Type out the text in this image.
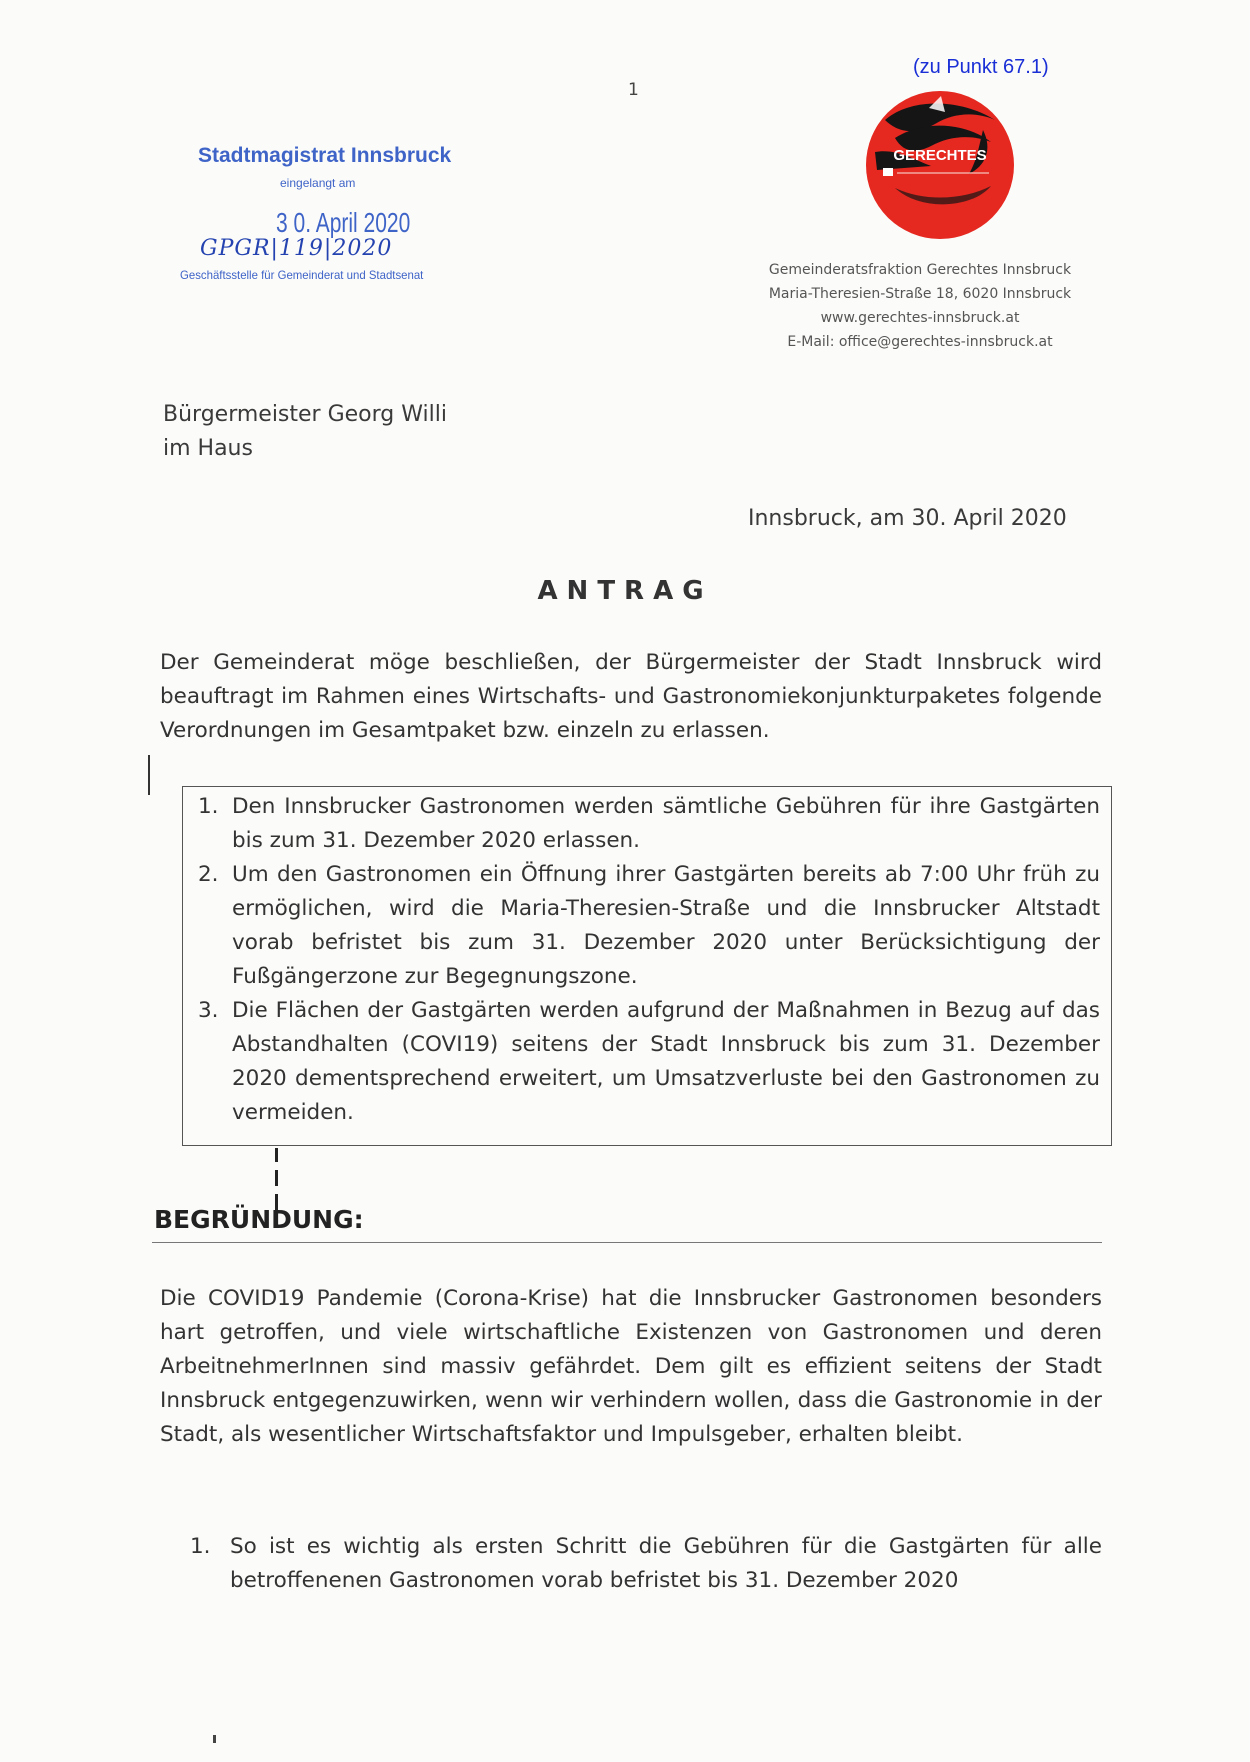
(zu Punkt 67.1)
1
Stadtmagistrat Innsbruck
eingelangt am
3 0. April 2020
GPGR|119|2020
Geschäftsstelle für Gemeinderat und Stadtsenat
GERECHTES
Gemeinderatsfraktion Gerechtes Innsbruck
Maria-Theresien-Straße 18, 6020 Innsbruck
www.gerechtes-innsbruck.at
E-Mail: office@gerechtes-innsbruck.at
Bürgermeister Georg Willi
im Haus
Innsbruck, am 30. April 2020
ANTRAG
Der Gemeinderat möge beschließen, der Bürgermeister der Stadt Innsbruck wird beauftragt im Rahmen eines Wirtschafts- und Gastronomiekonjunkturpaketes folgende Verordnungen im Gesamtpaket bzw. einzeln zu erlassen.
1. Den Innsbrucker Gastronomen werden sämtliche Gebühren für ihre Gastgärten bis zum 31. Dezember 2020 erlassen.
2. Um den Gastronomen ein Öffnung ihrer Gastgärten bereits ab 7:00 Uhr früh zu ermöglichen, wird die Maria-Theresien-Straße und die Innsbrucker Altstadt vorab befristet bis zum 31. Dezember 2020 unter Berücksichtigung der Fußgängerzone zur Begegnungszone.
3. Die Flächen der Gastgärten werden aufgrund der Maßnahmen in Bezug auf das Abstandhalten (COVI19) seitens der Stadt Innsbruck bis zum 31. Dezember 2020 dementsprechend erweitert, um Umsatzverluste bei den Gastronomen zu vermeiden.
BEGRÜNDUNG:
Die COVID19 Pandemie (Corona-Krise) hat die Innsbrucker Gastronomen besonders hart getroffen, und viele wirtschaftliche Existenzen von Gastronomen und deren ArbeitnehmerInnen sind massiv gefährdet. Dem gilt es effizient seitens der Stadt Innsbruck entgegenzuwirken, wenn wir verhindern wollen, dass die Gastronomie in der Stadt, als wesentlicher Wirtschaftsfaktor und Impulsgeber, erhalten bleibt.
1. So ist es wichtig als ersten Schritt die Gebühren für die Gastgärten für alle betroffenenen Gastronomen vorab befristet bis 31. Dezember 2020
